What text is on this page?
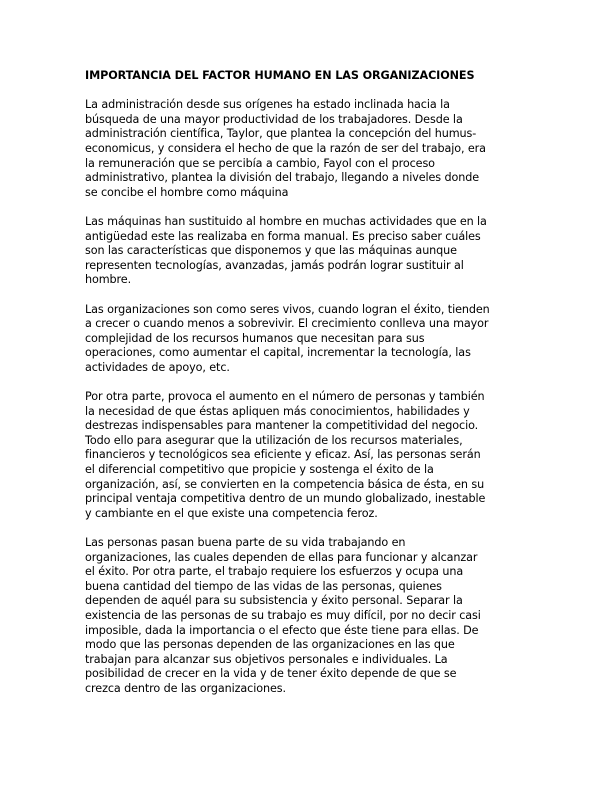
IMPORTANCIA DEL FACTOR HUMANO EN LAS ORGANIZACIONES
La administración desde sus orígenes ha estado inclinada hacia la
búsqueda de una mayor productividad de los trabajadores. Desde la
administración científica, Taylor, que plantea la concepción del humus-
economicus, y considera el hecho de que la razón de ser del trabajo, era
la remuneración que se percibía a cambio, Fayol con el proceso
administrativo, plantea la división del trabajo, llegando a niveles donde
se concibe el hombre como máquina
Las máquinas han sustituido al hombre en muchas actividades que en la
antigüedad este las realizaba en forma manual. Es preciso saber cuáles
son las características que disponemos y que las máquinas aunque
representen tecnologías, avanzadas, jamás podrán lograr sustituir al
hombre.
Las organizaciones son como seres vivos, cuando logran el éxito, tienden
a crecer o cuando menos a sobrevivir. El crecimiento conlleva una mayor
complejidad de los recursos humanos que necesitan para sus
operaciones, como aumentar el capital, incrementar la tecnología, las
actividades de apoyo, etc.
Por otra parte, provoca el aumento en el número de personas y también
la necesidad de que éstas apliquen más conocimientos, habilidades y
destrezas indispensables para mantener la competitividad del negocio.
Todo ello para asegurar que la utilización de los recursos materiales,
financieros y tecnológicos sea eficiente y eficaz. Así, las personas serán
el diferencial competitivo que propicie y sostenga el éxito de la
organización, así, se convierten en la competencia básica de ésta, en su
principal ventaja competitiva dentro de un mundo globalizado, inestable
y cambiante en el que existe una competencia feroz.
Las personas pasan buena parte de su vida trabajando en
organizaciones, las cuales dependen de ellas para funcionar y alcanzar
el éxito. Por otra parte, el trabajo requiere los esfuerzos y ocupa una
buena cantidad del tiempo de las vidas de las personas, quienes
dependen de aquél para su subsistencia y éxito personal. Separar la
existencia de las personas de su trabajo es muy difícil, por no decir casi
imposible, dada la importancia o el efecto que éste tiene para ellas. De
modo que las personas dependen de las organizaciones en las que
trabajan para alcanzar sus objetivos personales e individuales. La
posibilidad de crecer en la vida y de tener éxito depende de que se
crezca dentro de las organizaciones.
